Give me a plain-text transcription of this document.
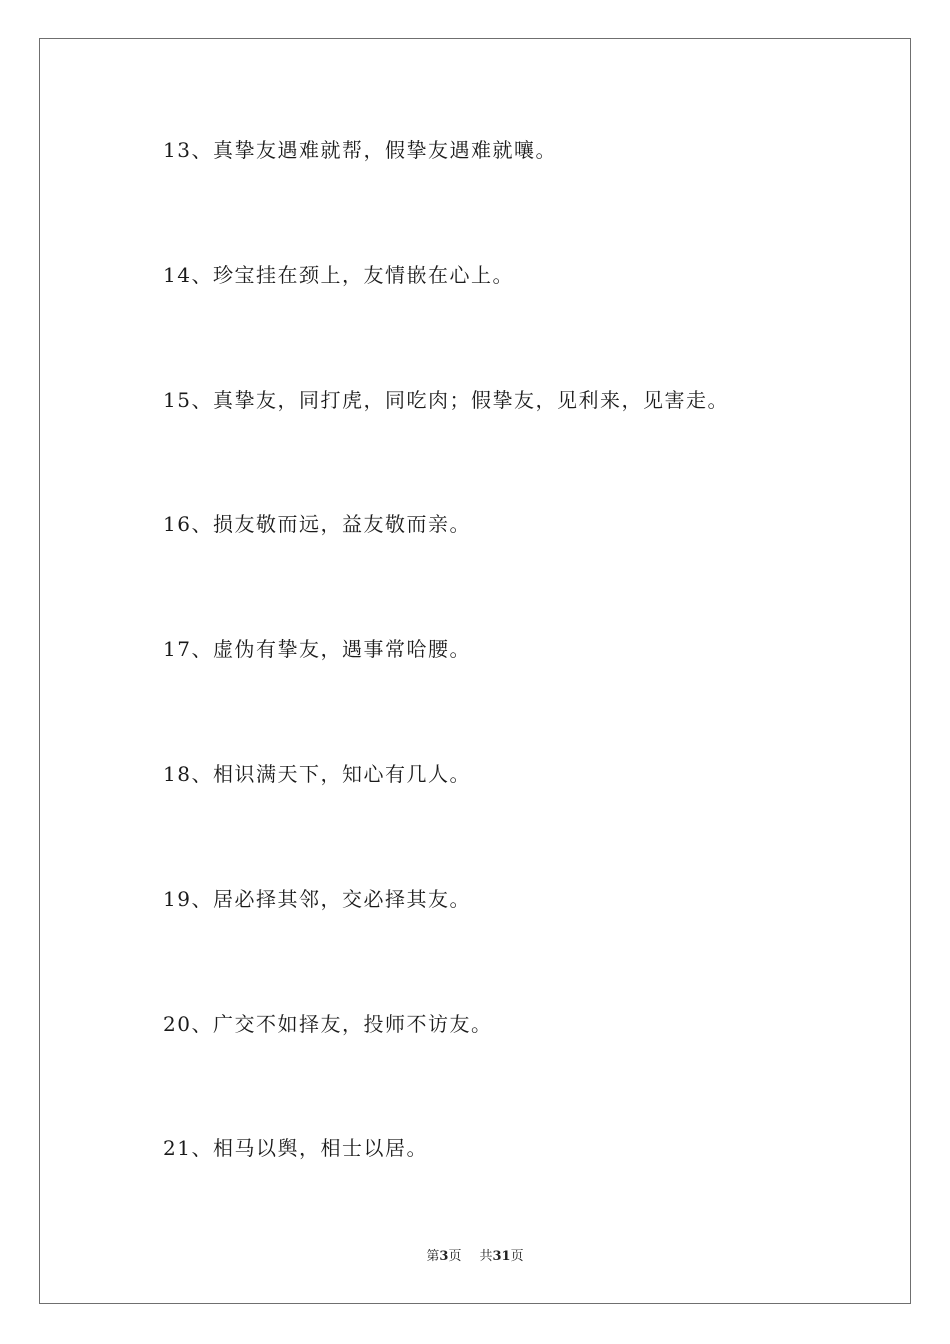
13、真挚友遇难就帮，假挚友遇难就嚷。
14、珍宝挂在颈上，友情嵌在心上。
15、真挚友，同打虎，同吃肉；假挚友，见利来，见害走。
16、损友敬而远，益友敬而亲。
17、虚伪有挚友，遇事常哈腰。
18、相识满天下，知心有几人。
19、居必择其邻，交必择其友。
20、广交不如择友，投师不访友。
21、相马以舆，相士以居。
第3页 共31页
